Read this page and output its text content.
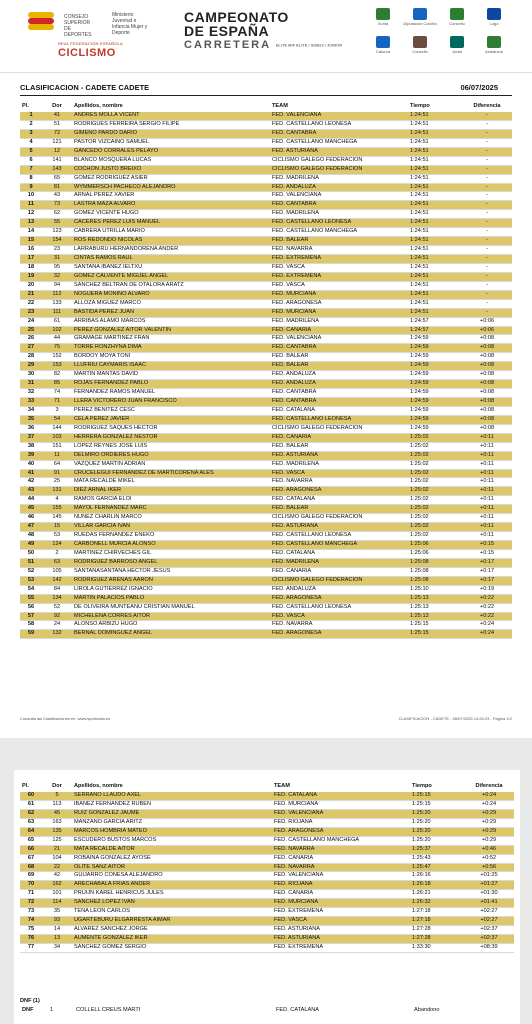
CONSEJO SUPERIOR DE DEPORTES
Ministerio Juventud e Infancia Mujer y Deporte
REAL FEDERACIÓN ESPAÑOLA
CICLISMO
CAMPEONATO
DE ESPAÑA
CARRETERA ELITE M/F ELITE / SUB23 / JUNIOR
Xunta	Diputación Coruña	Concello	Lugo
Caturna	Concello	Junta	Andalucía
CLASIFICACION - CADETE CADETE	06/07/2025
Pl.	Dor	Apellidos, nombre	TEAM	Tiempo	Diferencia
1	41	ANDRES MOLLA VICENT	FED. VALENCIANA	1:24:51	-
2	51	RODRIGUES FERREIRA SERGIO FILIPE	FED. CASTELLANO LEONESA	1:24:51	-
3	72	GIMENO PARDO DARIO	FED. CANTABRA	1:24:51	-
4	121	PASTOR VIZCAINO SAMUEL	FED. CASTELLANO MANCHEGA	1:24:51	-
5	12	GANCEDO CORRALES PELAYO	FED. ASTURIANA	1:24:51	-
6	141	BLANCO MOSQUERA LUCAS	CICLISMO GALEGO FEDERACION	1:24:51	-
7	143	COCHON JUSTO BREIXO	CICLISMO GALEGO FEDERACION	1:24:51	-
8	65	GOMEZ RODRIGUEZ ASIER	FED. MADRILEÑA	1:24:51	-
9	81	WYMMERSCH PACHECO ALEJANDRO	FED. ANDALUZA	1:24:51	-
10	43	ARNAL PEREZ XAVIER	FED. VALENCIANA	1:24:51	-
11	73	LASTRA MAZA ALVARO	FED. CANTABRA	1:24:51	-
12	62	GOMEZ VICENTE HUGO	FED. MADRILEÑA	1:24:51	-
13	55	CACERES PEREZ LUIS MANUEL	FED. CASTELLANO LEONESA	1:24:51	-
14	123	CABRERA UTRILLA MARIO	FED. CASTELLANO MANCHEGA	1:24:51	-
15	154	ROS REDONDO NICOLAS	FED. BALEAR	1:24:51	-
16	23	LARRABURU HERNANDORENA ANDER	FED. NAVARRA	1:24:51	-
17	31	CINTAS RAMOS RAUL	FED. EXTREMEÑA	1:24:51	-
18	95	SANTANA IBAÑEZ IELTXU	FED. VASCA	1:24:51	-
19	32	GOMEZ CALVENTE MIGUEL ANGEL	FED. EXTREMEÑA	1:24:51	-
20	94	SANCHEZ BELTRAN DE OTALORA ARATZ	FED. VASCA	1:24:51	-
21	112	NOGUERA MOÑINO ALVARO	FED. MURCIANA	1:24:51	-
22	133	ALLOZA MIGUEZ MARCO	FED. ARAGONESA	1:24:51	-
23	111	BASTIDA PEREZ JUAN	FED. MURCIANA	1:24:51	-
24	61	ARRIBAS ALAMO MARCOS	FED. MADRILEÑA	1:24:57	+0:06
25	102	PEREZ GONZALEZ AITOR VALENTIN	FED. CANARIA	1:24:57	+0:06
26	44	GRAMAGE MARTINEZ FRAN	FED. VALENCIANA	1:24:59	+0:08
27	75	TORRE RONZHYNA DIMA	FED. CANTABRA	1:24:59	+0:08
28	152	BORDOY MOYA TONI	FED. BALEAR	1:24:59	+0:08
29	153	LLUFRIU CAYMARIS ISAAC	FED. BALEAR	1:24:59	+0:08
30	82	MARTIN MANTAS DAVID	FED. ANDALUZA	1:24:59	+0:08
31	85	ROJAS FERNANDEZ PABLO	FED. ANDALUZA	1:24:59	+0:08
32	74	FERNANDEZ RAMOS MANUEL	FED. CANTABRA	1:24:59	+0:08
33	71	LLERA VICTORERO JUAN FRANCISCO	FED. CANTABRA	1:24:59	+0:08
34	3	PEREZ BENITEZ CESC	FED. CATALANA	1:24:59	+0:08
35	54	CELA PEREZ JAVIER	FED. CASTELLANO LEONESA	1:24:59	+0:08
36	144	RODRIGUEZ SAQUES HECTOR	CICLISMO GALEGO FEDERACION	1:24:59	+0:08
37	103	HERRERA GONZALEZ NESTOR	FED. CANARIA	1:25:02	+0:11
38	151	LOPEZ REYNES JOSE LUIS	FED. BALEAR	1:25:02	+0:11
39	11	DELMIRO ORDIERES HUGO	FED. ASTURIANA	1:25:02	+0:11
40	64	VAZQUEZ MARTIN ADRIAN	FED. MADRILEÑA	1:25:02	+0:11
41	91	CRUCELEGUI FERNANDEZ DE MARTICORENA ALES	FED. VASCA	1:25:02	+0:11
42	25	MATA RECALDE MIKEL	FED. NAVARRA	1:25:02	+0:11
43	131	DIEZ ARNAL IKER	FED. ARAGONESA	1:25:02	+0:11
44	4	RAMOS GARCIA ELOI	FED. CATALANA	1:25:02	+0:11
45	155	MAYOL FERNANDEZ MARC	FED. BALEAR	1:25:02	+0:11
46	145	NUÑEZ CHARLIN MARCO	CICLISMO GALEGO FEDERACION	1:25:02	+0:11
47	15	VILLAR GARCIA IVAN	FED. ASTURIANA	1:25:02	+0:11
48	53	RUEDAS FERNANDEZ ENEKO	FED. CASTELLANO LEONESA	1:25:02	+0:11
49	124	CARBONELL MURCIA ALONSO	FED. CASTELLANO MANCHEGA	1:25:06	+0:15
50	2	MARTINEZ CHIRVECHES GIL	FED. CATALANA	1:25:06	+0:15
51	63	RODRIGUEZ BARROSO ANGEL	FED. MADRILEÑA	1:25:08	+0:17
52	105	SANTANASANTANA HECTOR JESUS	FED. CANARIA	1:25:08	+0:17
53	142	RODRIGUEZ ARENAS AARON	CICLISMO GALEGO FEDERACION	1:25:08	+0:17
54	84	LIROLA GUTIERREZ IGNACIO	FED. ANDALUZA	1:25:10	+0:19
55	134	MARTIN PALACIOS PABLO	FED. ARAGONESA	1:25:13	+0:22
56	52	DE OLIVEIRA MUNTEANU CRISTIAN MANUEL	FED. CASTELLANO LEONESA	1:25:13	+0:22
57	92	MICHELENA CORRES AITOR	FED. VASCA	1:25:13	+0:22
58	24	ALONSO ARBIZU HUGO	FED. NAVARRA	1:25:15	+0:24
59	132	BERNAL DOMINGUEZ ANGEL	FED. ARAGONESA	1:25:15	+0:24
Consulta las Clasificaciones en: www.sportradio.es	CLASIFICACION - CADETE - 06/07/2025 14:26:23 - Página 1/2
Pl.	Dor	Apellidos, nombre	TEAM	Tiempo	Diferencia
60	5	SERRANO LLAUDO AXEL	FED. CATALANA	1:25:15	+0:24
61	113	IBAÑEZ FERNANDEZ RUBEN	FED. MURCIANA	1:25:15	+0:24
62	45	RUIZ GONZALEZ JAUME	FED. VALENCIANA	1:25:20	+0:29
63	163	MANZANO GARCIA ARITZ	FED. RIOJANA	1:25:20	+0:29
64	135	MARCOS HOMBRIA MATEO	FED. ARAGONESA	1:25:20	+0:29
65	125	ESCUDERO BUSTOS MARCOS	FED. CASTELLANO MANCHEGA	1:25:20	+0:29
66	21	MATA RECALDE AITOR	FED. NAVARRA	1:25:37	+0:46
67	104	ROBAINA GONZALEZ AYOSE	FED. CANARIA	1:25:43	+0:52
68	22	OLITE SANZ AITOR	FED. NAVARRA	1:25:47	+0:56
69	42	GUIJARRO CONESA ALEJANDRO	FED. VALENCIANA	1:26:16	+01:25
70	162	ARECHABALA FRIAS ANDER	FED. RIOJANA	1:26:18	+01:27
71	101	PRUIJN KAREL HENRICUS JULES	FED. CANARIA	1:26:21	+01:30
72	114	SANCHEZ LOPEZ IVAN	FED. MURCIANA	1:26:32	+01:41
73	35	TENA LEON CARLOS	FED. EXTREMEÑA	1:27:18	+02:27
74	93	UGARTEBURU ELGARRESTA AIMAR	FED. VASCA	1:27:18	+02:27
75	14	ALVAREZ SANCHEZ JORGE	FED. ASTURIANA	1:27:28	+02:37
76	13	AUMENTE GONZALEZ IKER	FED. ASTURIANA	1:27:28	+02:37
77	34	SANCHEZ GOMEZ SERGIO	FED. EXTREMEÑA	1:33:30	+08:39
DNF (1)
DNF	1	COLLELL CREUS MARTI	FED. CATALANA	Abandono
